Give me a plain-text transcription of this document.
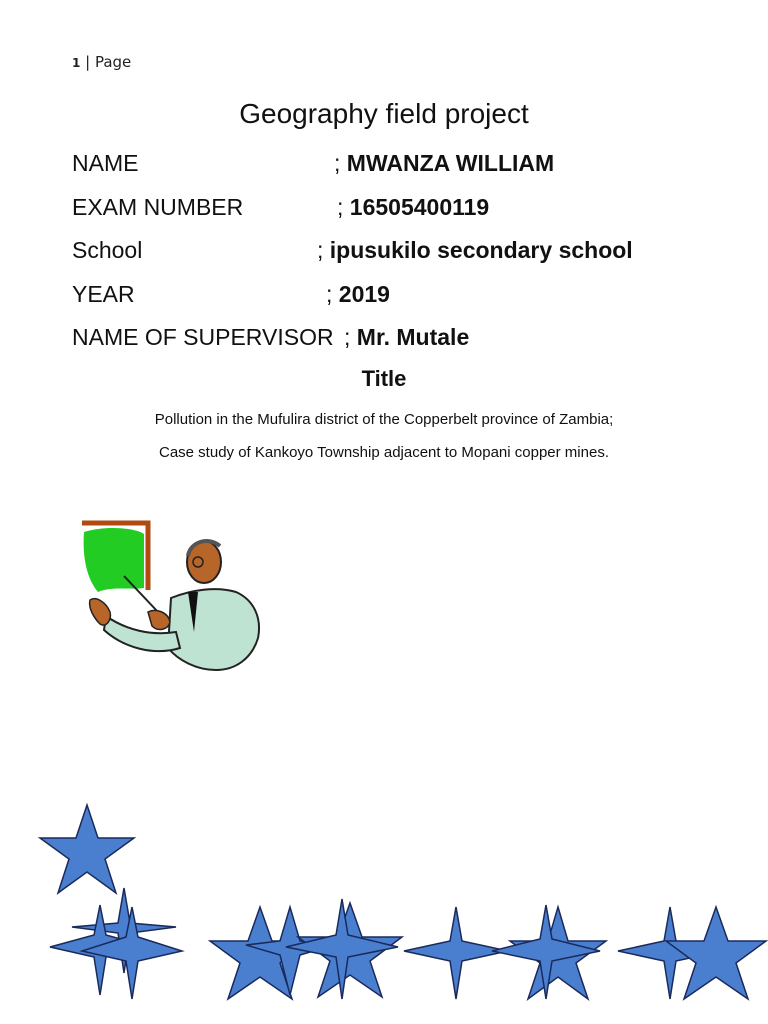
1 | Page
Geography field project
NAME	; MWANZA WILLIAM
EXAM NUMBER	; 16505400119
School	; ipusukilo secondary school
YEAR	; 2019
NAME OF SUPERVISOR ; Mr. Mutale
Title
Pollution in the Mufulira district of the Copperbelt province of Zambia;
Case study of Kankoyo Township adjacent to Mopani copper mines.
